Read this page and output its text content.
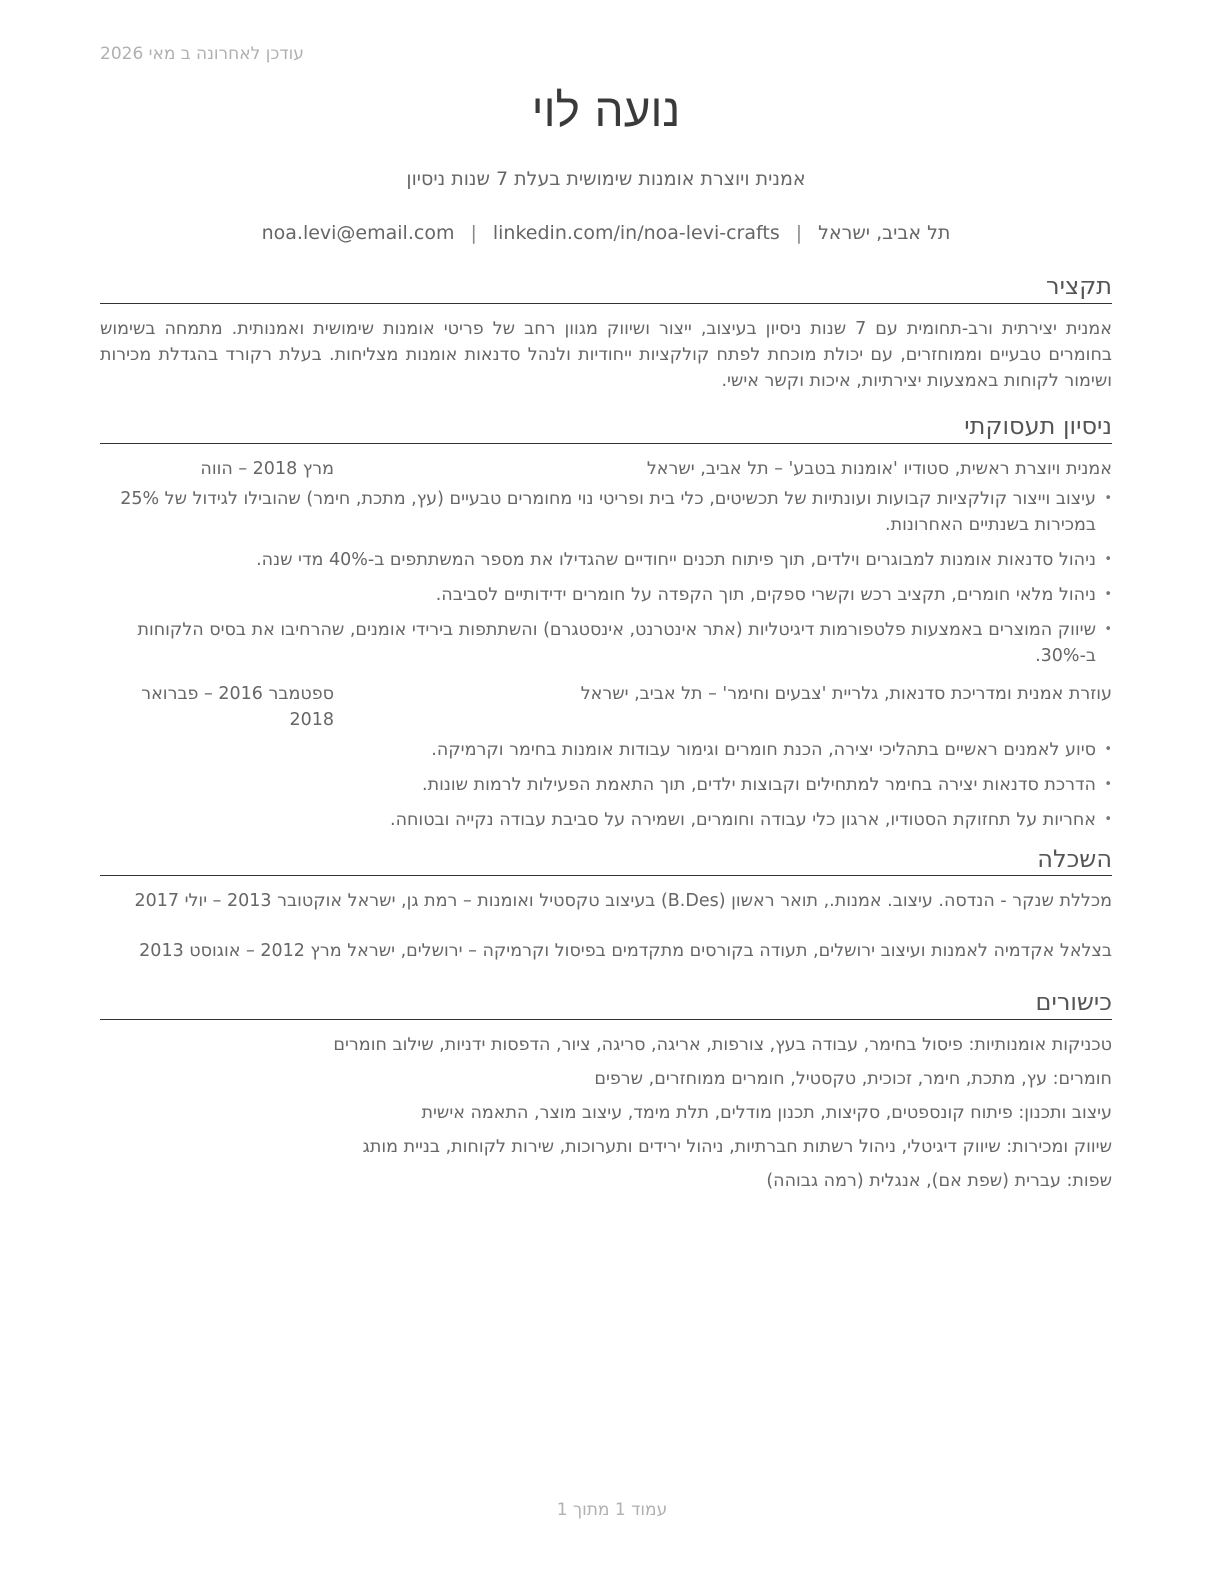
עודכן לאחרונה ב מאי 2026
נועה לוי
אמנית ויוצרת אומנות שימושית בעלת 7 שנות ניסיון
תל אביב, ישראל|noa.levi@email.com | linkedin.com/in/noa-levi-crafts
תקציר

אמנית יצירתית ורב-תחומית עם 7 שנות ניסיון בעיצוב, ייצור ושיווק מגוון רחב של פריטי אומנות שימושית ואמנותית. מתמחה בשימוש בחומרים טבעיים וממוחזרים, עם יכולת מוכחת לפתח קולקציות ייחודיות ולנהל סדנאות אומנות מצליחות. בעלת רקורד בהגדלת מכירות ושימור לקוחות באמצעות יצירתיות, איכות וקשר אישי.

ניסיון תעסוקתי
אמנית ויוצרת ראשית, סטודיו 'אומנות בטבע' – תל אביב, ישראל
מרץ 2018 – הווה
• עיצוב וייצור קולקציות קבועות ועונתיות של תכשיטים, כלי בית ופריטי נוי מחומרים טבעיים (עץ, מתכת, חימר) שהובילו לגידול של 25% במכירות בשנתיים האחרונות.
• ניהול סדנאות אומנות למבוגרים וילדים, תוך פיתוח תכנים ייחודיים שהגדילו את מספר המשתתפים ב-40% מדי שנה.
• ניהול מלאי חומרים, תקציב רכש וקשרי ספקים, תוך הקפדה על חומרים ידידותיים לסביבה.
• שיווק המוצרים באמצעות פלטפורמות דיגיטליות (אתר אינטרנט, אינסטגרם) והשתתפות בירידי אומנים, שהרחיבו את בסיס הלקוחות ב-30%.
עוזרת אמנית ומדריכת סדנאות, גלריית 'צבעים וחימר' – תל אביב, ישראל
ספטמבר 2016 – פברואר 2018
• סיוע לאמנים ראשיים בתהליכי יצירה, הכנת חומרים וגימור עבודות אומנות בחימר וקרמיקה.
• הדרכת סדנאות יצירה בחימר למתחילים וקבוצות ילדים, תוך התאמת הפעילות לרמות שונות.
• אחריות על תחזוקת הסטודיו, ארגון כלי עבודה וחומרים, ושמירה על סביבת עבודה נקייה ובטוחה.
השכלה

מכללת שנקר - הנדסה. עיצוב. אמנות., תואר ראשון (B.Des) בעיצוב טקסטיל ואומנות – רמת גן, ישראל אוקטובר 2013 – יולי 2017

בצלאל אקדמיה לאמנות ועיצוב ירושלים, תעודה בקורסים מתקדמים בפיסול וקרמיקה – ירושלים, ישראל מרץ 2012 – אוגוסט 2013

כישורים

טכניקות אומנותיות: פיסול בחימר, עבודה בעץ, צורפות, אריגה, סריגה, ציור, הדפסות ידניות, שילוב חומרים

חומרים: עץ, מתכת, חימר, זכוכית, טקסטיל, חומרים ממוחזרים, שרפים

עיצוב ותכנון: פיתוח קונספטים, סקיצות, תכנון מודלים, תלת מימד, עיצוב מוצר, התאמה אישית

שיווק ומכירות: שיווק דיגיטלי, ניהול רשתות חברתיות, ניהול ירידים ותערוכות, שירות לקוחות, בניית מותג

שפות: עברית (שפת אם), אנגלית (רמה גבוהה)

עמוד 1 מתוך 1
